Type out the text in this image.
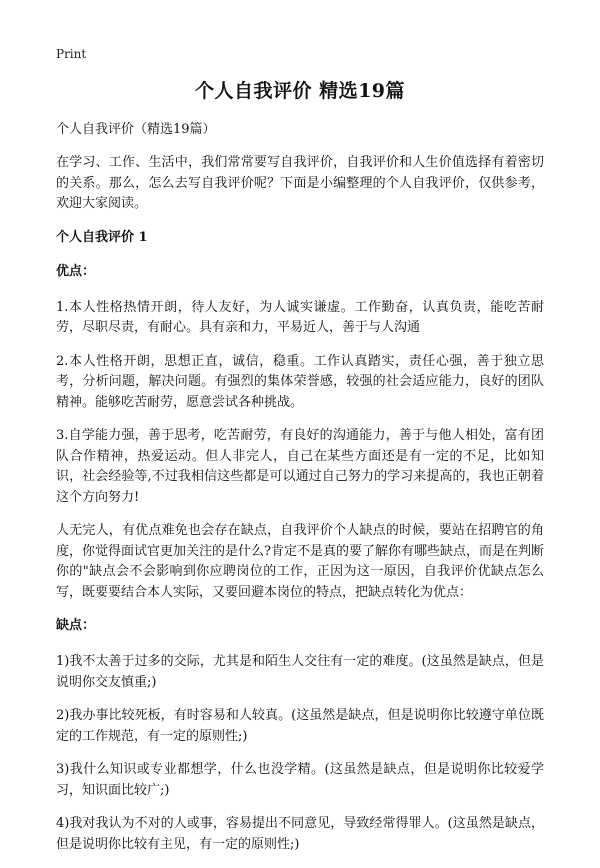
Print
个人自我评价 精选19篇
个人自我评价（精选19篇）

在学习、工作、生活中，我们常常要写自我评价，自我评价和人生价值选择有着密切的关系。那么，怎么去写自我评价呢？下面是小编整理的个人自我评价，仅供参考，欢迎大家阅读。

个人自我评价 1
优点：

1.本人性格热情开朗，待人友好，为人诚实谦虚。工作勤奋，认真负责，能吃苦耐劳，尽职尽责，有耐心。具有亲和力，平易近人，善于与人沟通

2.本人性格开朗，思想正直，诚信，稳重。工作认真踏实，责任心强，善于独立思考，分析问题，解决问题。有强烈的集体荣誉感，较强的社会适应能力，良好的团队精神。能够吃苦耐劳，愿意尝试各种挑战。

3.自学能力强，善于思考，吃苦耐劳，有良好的沟通能力，善于与他人相处，富有团队合作精神，热爱运动。但人非完人，自己在某些方面还是有一定的不足，比如知识，社会经验等,不过我相信这些都是可以通过自己努力的学习来提高的，我也正朝着这个方向努力!

人无完人，有优点难免也会存在缺点，自我评价个人缺点的时候，要站在招聘官的角度，你觉得面试官更加关注的是什么?肯定不是真的要了解你有哪些缺点，而是在判断你的"缺点会不会影响到你应聘岗位的工作，正因为这一原因，自我评价优缺点怎么写，既要要结合本人实际，又要回避本岗位的特点，把缺点转化为优点：

缺点：

1)我不太善于过多的交际，尤其是和陌生人交往有一定的难度。(这虽然是缺点，但是说明你交友慎重;)

2)我办事比较死板，有时容易和人较真。(这虽然是缺点，但是说明你比较遵守单位既定的工作规范，有一定的原则性;)

3)我什么知识或专业都想学，什么也没学精。(这虽然是缺点，但是说明你比较爱学习，知识面比较广;)

4)我对我认为不对的人或事，容易提出不同意见，导致经常得罪人。(这虽然是缺点，但是说明你比较有主见，有一定的原则性;)
